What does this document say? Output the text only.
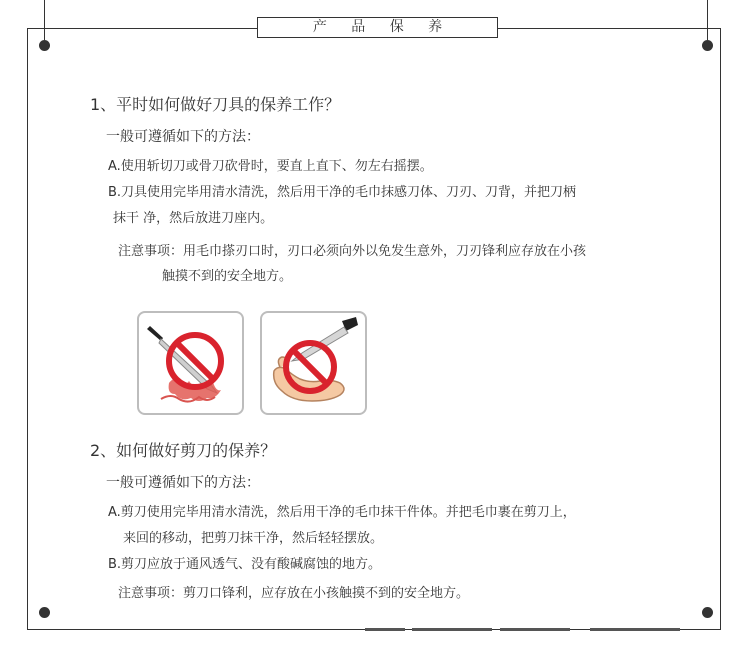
产 品 保 养
1、平时如何做好刀具的保养工作？
一般可遵循如下的方法：
A.使用斩切刀或骨刀砍骨时，要直上直下、勿左右摇摆。
B.刀具使用完毕用清水清洗，然后用干净的毛巾抹感刀体、刀刃、刀背，并把刀柄
抹干 净，然后放进刀座内。
注意事项：用毛巾搽刃口时，刃口必须向外以免发生意外，刀刃锋利应存放在小孩
触摸不到的安全地方。
2、如何做好剪刀的保养？
一般可遵循如下的方法：
A.剪刀使用完毕用清水清洗，然后用干净的毛巾抹干件体。并把毛巾裹在剪刀上，
来回的移动，把剪刀抹干净，然后轻轻摆放。
B.剪刀应放于通风透气、没有酸碱腐蚀的地方。
注意事项：剪刀口锋利，应存放在小孩触摸不到的安全地方。
